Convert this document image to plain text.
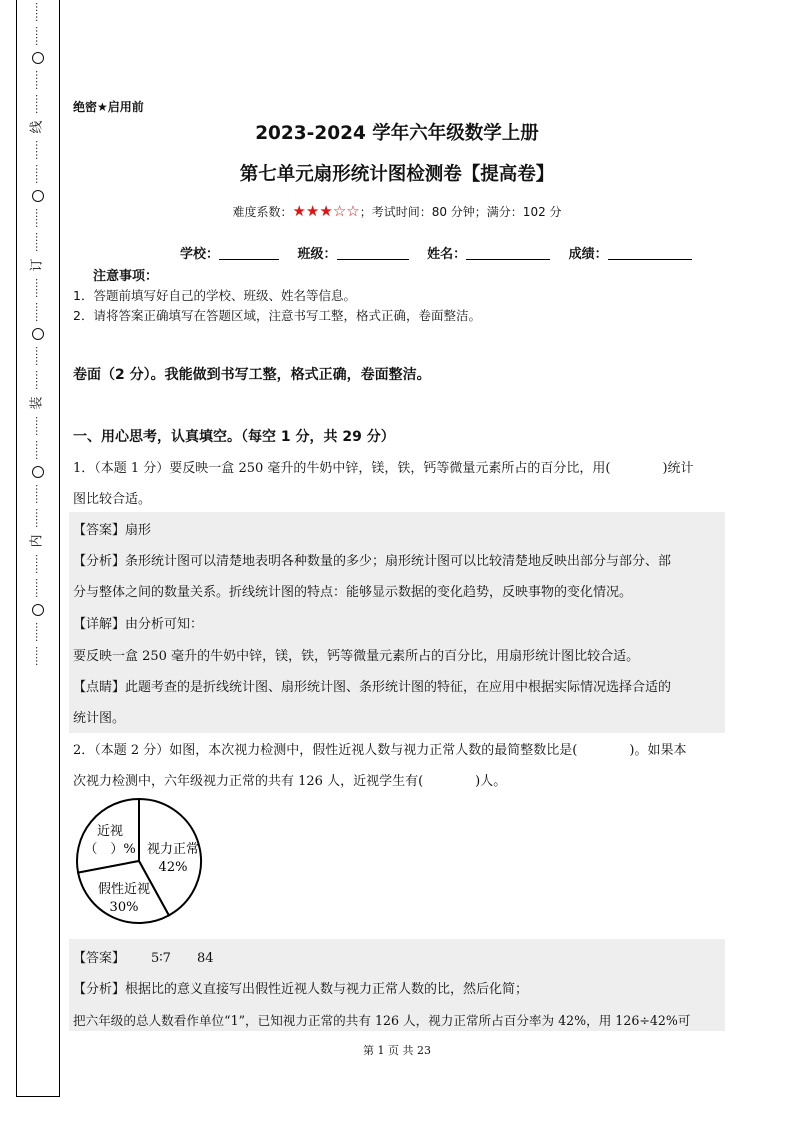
……
……
……
……
线
……
……
……
……
订
……
……
……
……
装
……
……
……
……
内
……
……
……
……
绝密★启用前
2023-2024 学年六年级数学上册
第七单元扇形统计图检测卷【提高卷】
难度系数：★★★☆☆；考试时间：80 分钟；满分：102 分
学校：	班级：	姓名：	成绩：
注意事项：
1．答题前填写好自己的学校、班级、姓名等信息。
2．请将答案正确填写在答题区域，注意书写工整，格式正确，卷面整洁。
卷面（2 分）。我能做到书写工整，格式正确，卷面整洁。
一、用心思考，认真填空。（每空 1 分，共 29 分）
1．（本题 1 分）要反映一盒 250 毫升的牛奶中锌，镁，铁，钙等微量元素所占的百分比，用(	)统计
图比较合适。
【答案】扇形
【分析】条形统计图可以清楚地表明各种数量的多少；扇形统计图可以比较清楚地反映出部分与部分、部
分与整体之间的数量关系。折线统计图的特点：能够显示数据的变化趋势，反映事物的变化情况。
【详解】由分析可知：
要反映一盒 250 毫升的牛奶中锌，镁，铁，钙等微量元素所占的百分比，用扇形统计图比较合适。
【点睛】此题考查的是折线统计图、扇形统计图、条形统计图的特征，在应用中根据实际情况选择合适的
统计图。
2．（本题 2 分）如图，本次视力检测中，假性近视人数与视力正常人数的最简整数比是(	)。如果本
次视力检测中，六年级视力正常的共有 126 人，近视学生有(	)人。
近视
（　）% 视力正常
42%
假性近视
30%
【答案】 5∶7 84
【分析】根据比的意义直接写出假性近视人数与视力正常人数的比，然后化简；
把六年级的总人数看作单位“1”，已知视力正常的共有 126 人，视力正常所占百分率为 42%，用 126÷42%可
第 1 页 共 23
